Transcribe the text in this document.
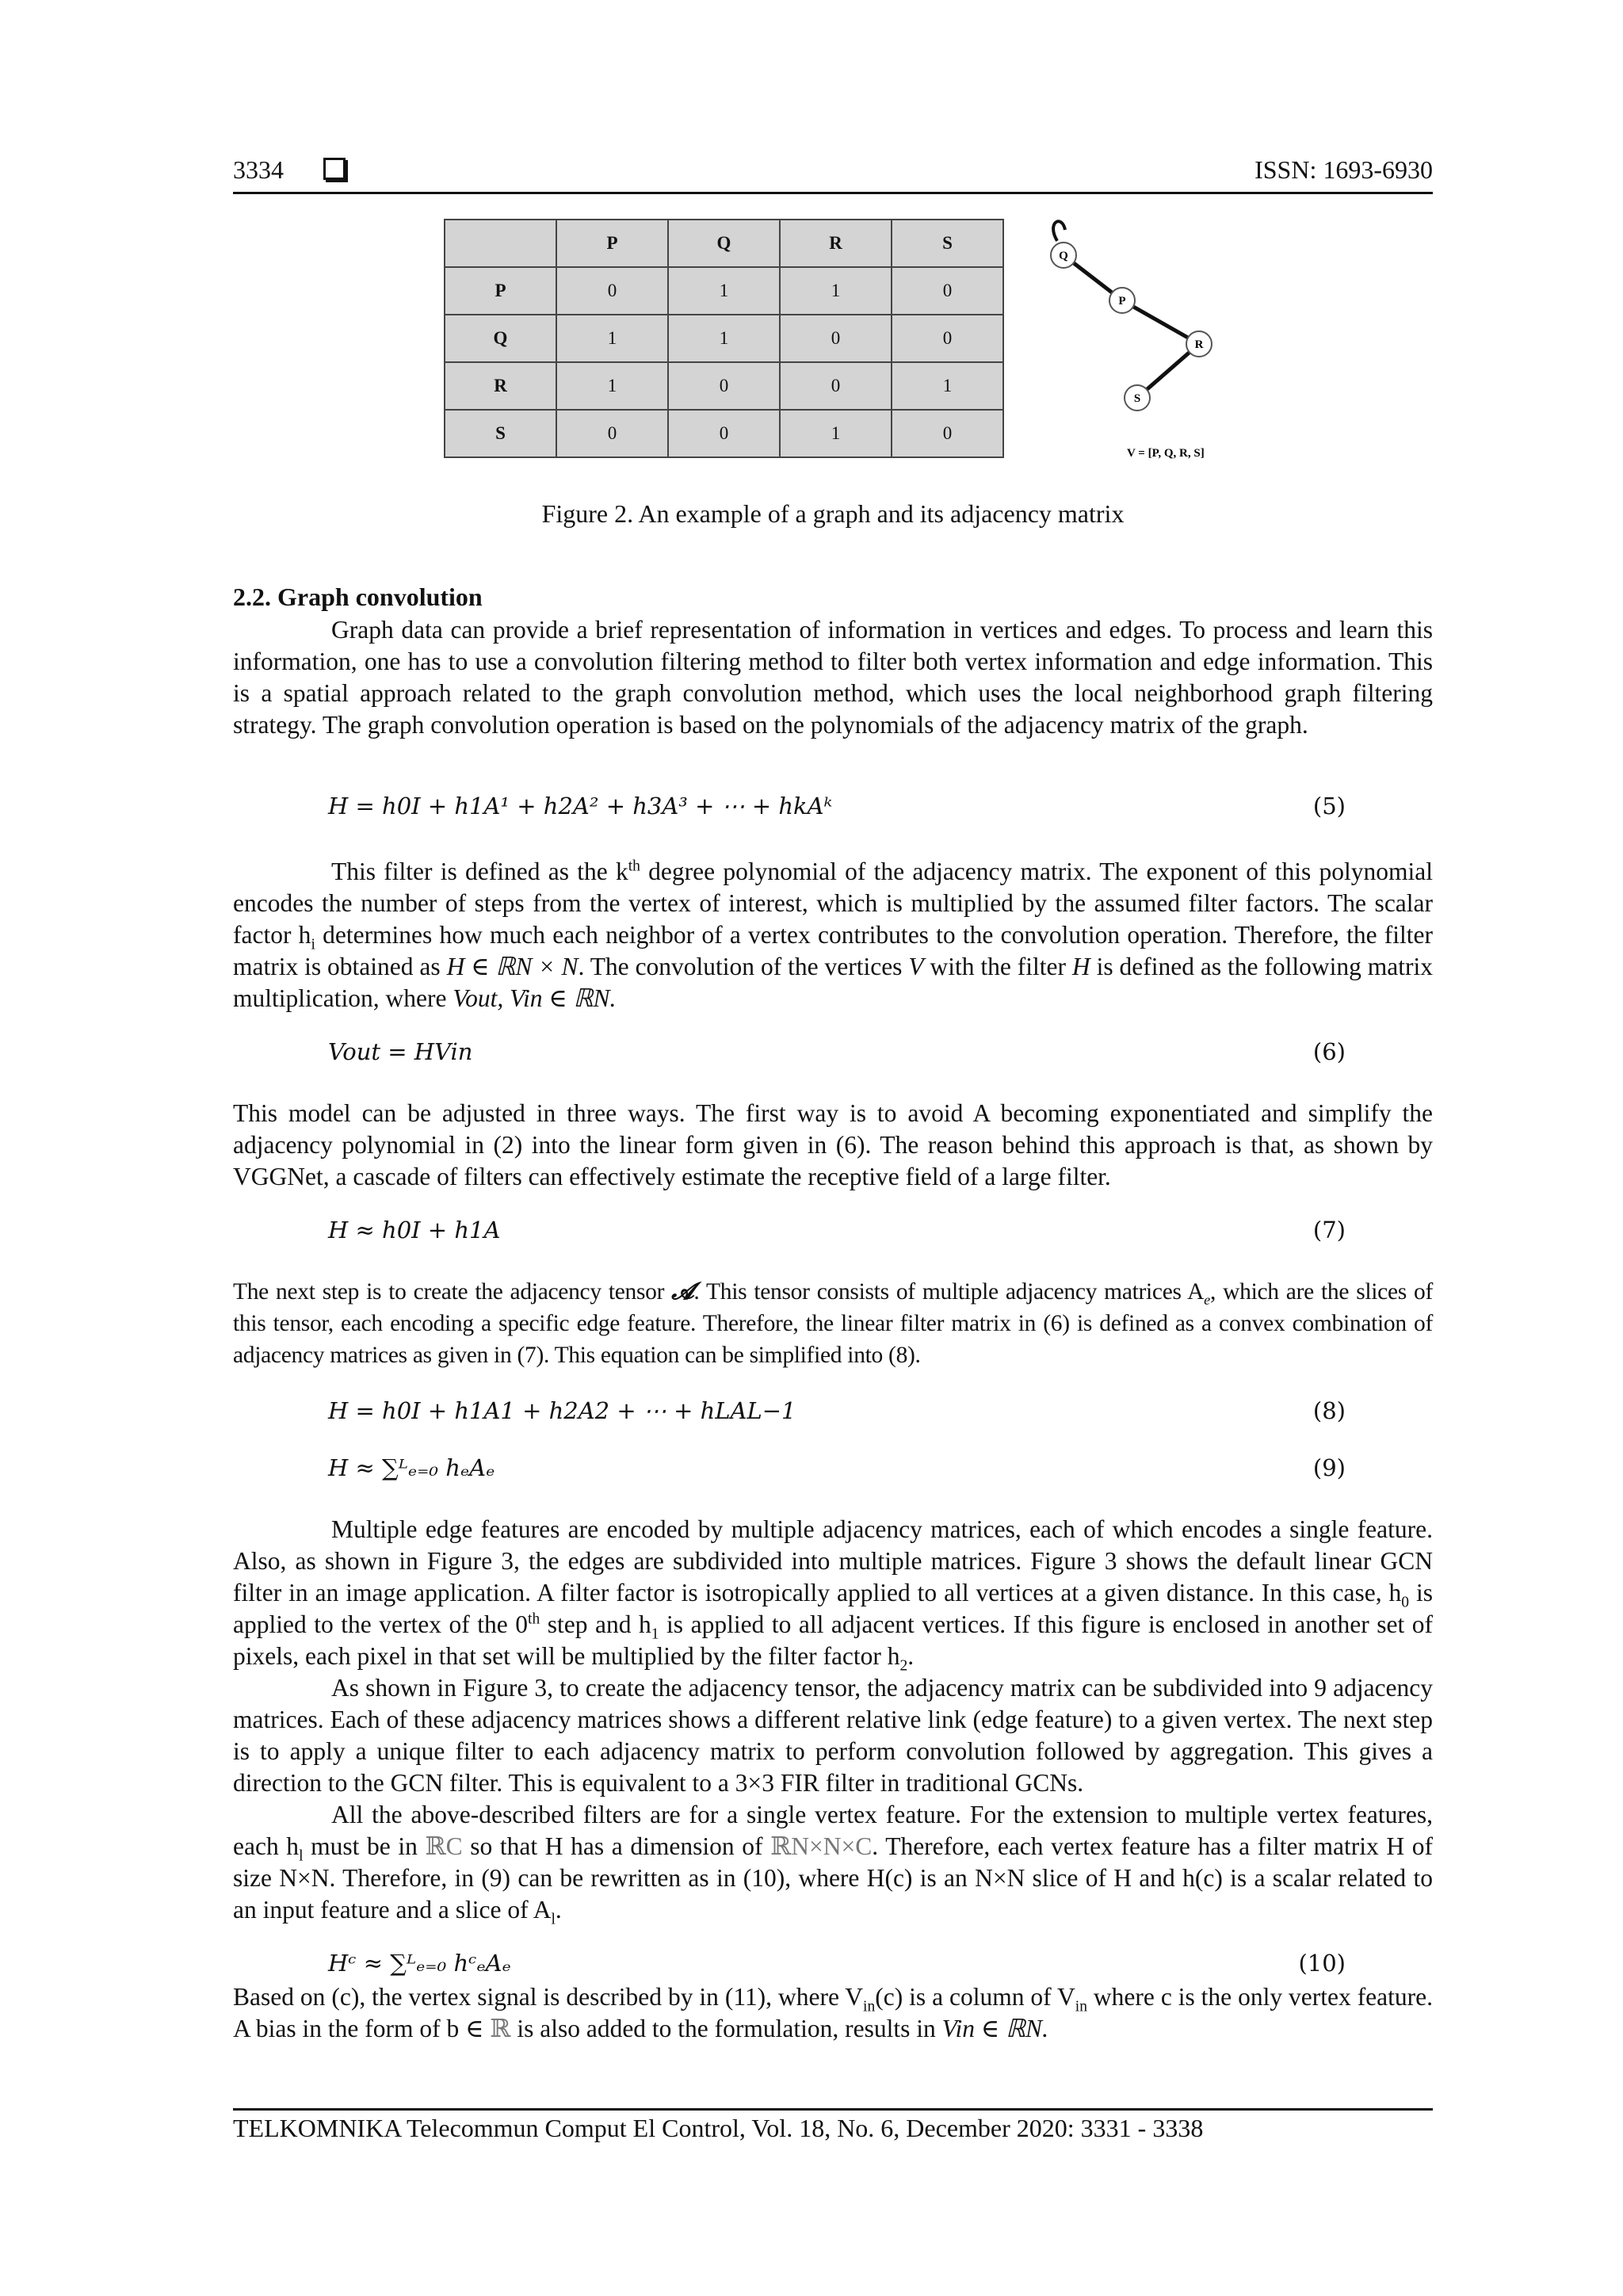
3334	ISSN: 1693-6930
	P	Q	R	S
P	0	1	1	0
Q	1	1	0	0
R	1	0	0	1
S	0	0	1	0
Q
P
R
S
V = [P, Q, R, S]
Figure 2. An example of a graph and its adjacency matrix
2.2. Graph convolution
Graph data can provide a brief representation of information in vertices and edges. To process and learn this information, one has to use a convolution filtering method to filter both vertex information and edge information. This is a spatial approach related to the graph convolution method, which uses the local neighborhood graph filtering strategy. The graph convolution operation is based on the polynomials of the adjacency matrix of the graph.
H = ℎ0I + ℎ1A¹ + ℎ2A² + ℎ3A³ + ⋯ + ℎkAᵏ	(5)
This filter is defined as the $k^{th}$ degree polynomial of the adjacency matrix. The exponent of this polynomial encodes the number of steps from the vertex of interest, which is multiplied by the assumed filter factors. The scalar factor $h_i$ determines how much each neighbor of a vertex contributes to the convolution operation. Therefore, the filter matrix is obtained as H ∈ ℝN × N. The convolution of the vertices V with the filter H is defined as the following matrix multiplication, where Vout, Vin ∈ ℝN.
Vout = HVin	(6)
This model can be adjusted in three ways. The first way is to avoid A becoming exponentiated and simplify the adjacency polynomial in (2) into the linear form given in (6). The reason behind this approach is that, as shown by VGGNet, a cascade of filters can effectively estimate the receptive field of a large filter.
H ≈ ℎ0I + ℎ1A	(7)
The next step is to create the adjacency tensor 𝓐. This tensor consists of multiple adjacency matrices $A_e$, which are the slices of this tensor, each encoding a specific edge feature. Therefore, the linear filter matrix in (6) is defined as a convex combination of adjacency matrices as given in (7). This equation can be simplified into (8).
H = ℎ0I + ℎ1A1 + ℎ2A2 + ⋯ + ℎLAL−1	(8)
H ≈ ∑ᴸₑ₌₀ hₑAₑ	(9)
Multiple edge features are encoded by multiple adjacency matrices, each of which encodes a single feature. Also, as shown in Figure 3, the edges are subdivided into multiple matrices. Figure 3 shows the default linear GCN filter in an image application. A filter factor is isotropically applied to all vertices at a given distance. In this case, $h_0$ is applied to the vertex of the 0th step and $h_1$ is applied to all adjacent vertices. If this figure is enclosed in another set of pixels, each pixel in that set will be multiplied by the filter factor $h_2$.
As shown in Figure 3, to create the adjacency tensor, the adjacency matrix can be subdivided into 9 adjacency matrices. Each of these adjacency matrices shows a different relative link (edge feature) to a given vertex. The next step is to apply a unique filter to each adjacency matrix to perform convolution followed by aggregation. This gives a direction to the GCN filter. This is equivalent to a 3×3 FIR filter in traditional GCNs.
All the above-described filters are for a single vertex feature. For the extension to multiple vertex features, each $h_l$ must be in ℝC so that H has a dimension of ℝN×N×C. Therefore, each vertex feature has a filter matrix H of size N×N. Therefore, in (9) can be rewritten as in (10), where H(c) is an N×N slice of H and h(c) is a scalar related to an input feature and a slice of $A_l$.
Hᶜ ≈ ∑ᴸₑ₌₀ hᶜₑAₑ	(10)
Based on (c), the vertex signal is described by in (11), where $V_{in}(c)$ is a column of $V_{in}$ where c is the only vertex feature. A bias in the form of b ∈ ℝ is also added to the formulation, results in Vin ∈ ℝN.
TELKOMNIKA Telecommun Comput El Control, Vol. 18, No. 6, December 2020: 3331 - 3338
